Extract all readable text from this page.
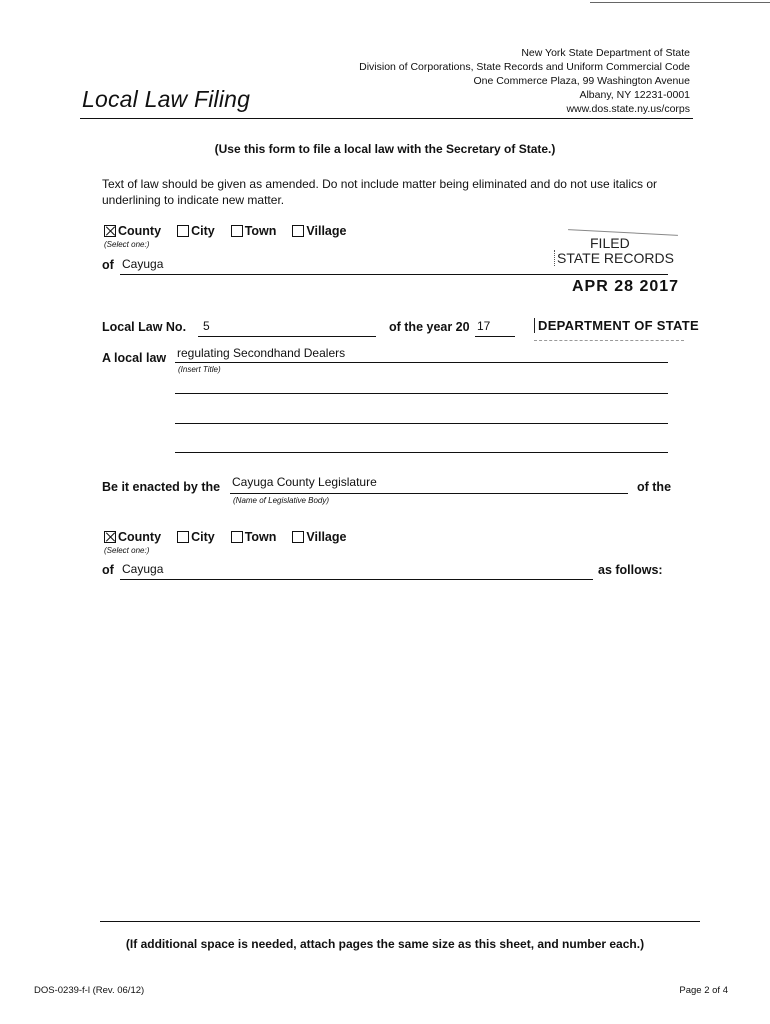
New York State Department of State
Division of Corporations, State Records and Uniform Commercial Code
One Commerce Plaza, 99 Washington Avenue
Albany, NY 12231-0001
www.dos.state.ny.us/corps
Local Law Filing
(Use this form to file a local law with the Secretary of State.)
Text of law should be given as amended. Do not include matter being eliminated and do not use italics or underlining to indicate new matter.
County City Town Village
(Select one:)
of Cayuga
FILED
STATE RECORDS
APR 28 2017
DEPARTMENT OF STATE
Local Law No. 5	of the year 20 17
A local law regulating Secondhand Dealers
(Insert Title)
Be it enacted by the Cayuga County Legislature
(Name of Legislative Body)
of the
County City Town Village
(Select one:)
of Cayuga	as follows:
(If additional space is needed, attach pages the same size as this sheet, and number each.)
DOS-0239-f-l (Rev. 06/12)	Page 2 of 4
